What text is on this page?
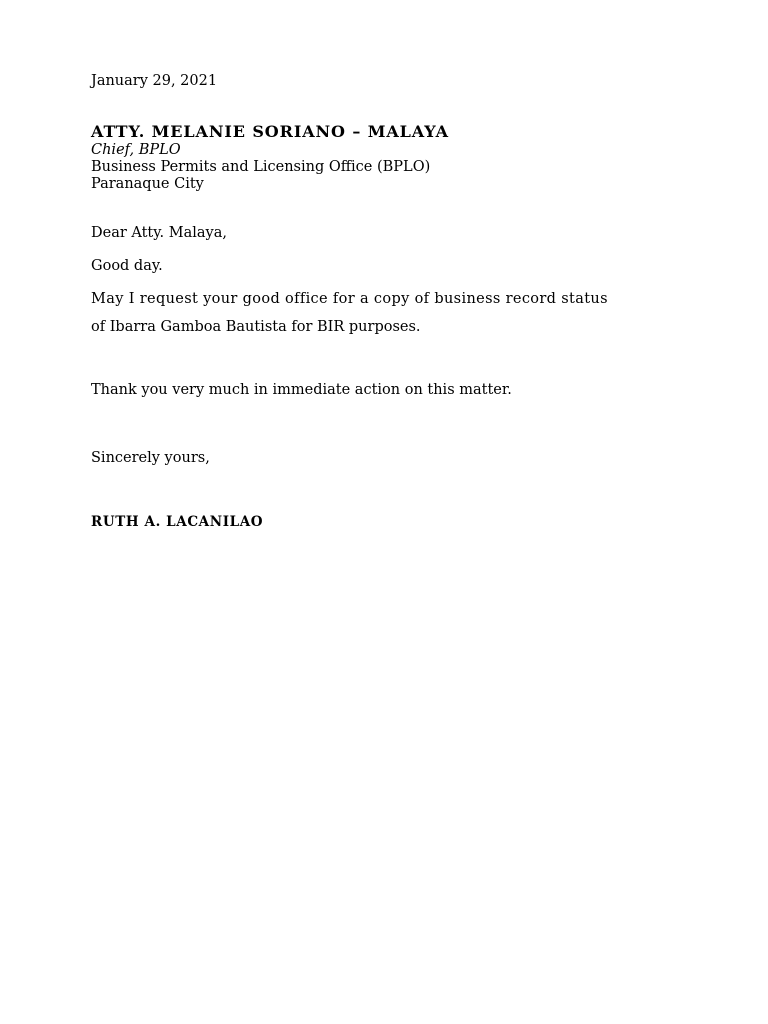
January 29, 2021

ATTY. MELANIE SORIANO – MALAYA

Chief, BPLO

Business Permits and Licensing Office (BPLO)

Paranaque City

Dear Atty. Malaya,

Good day.

May I request your good office for a copy of business record status

of Ibarra Gamboa Bautista for BIR purposes.

Thank you very much in immediate action on this matter.

Sincerely yours,

RUTH A. LACANILAO
